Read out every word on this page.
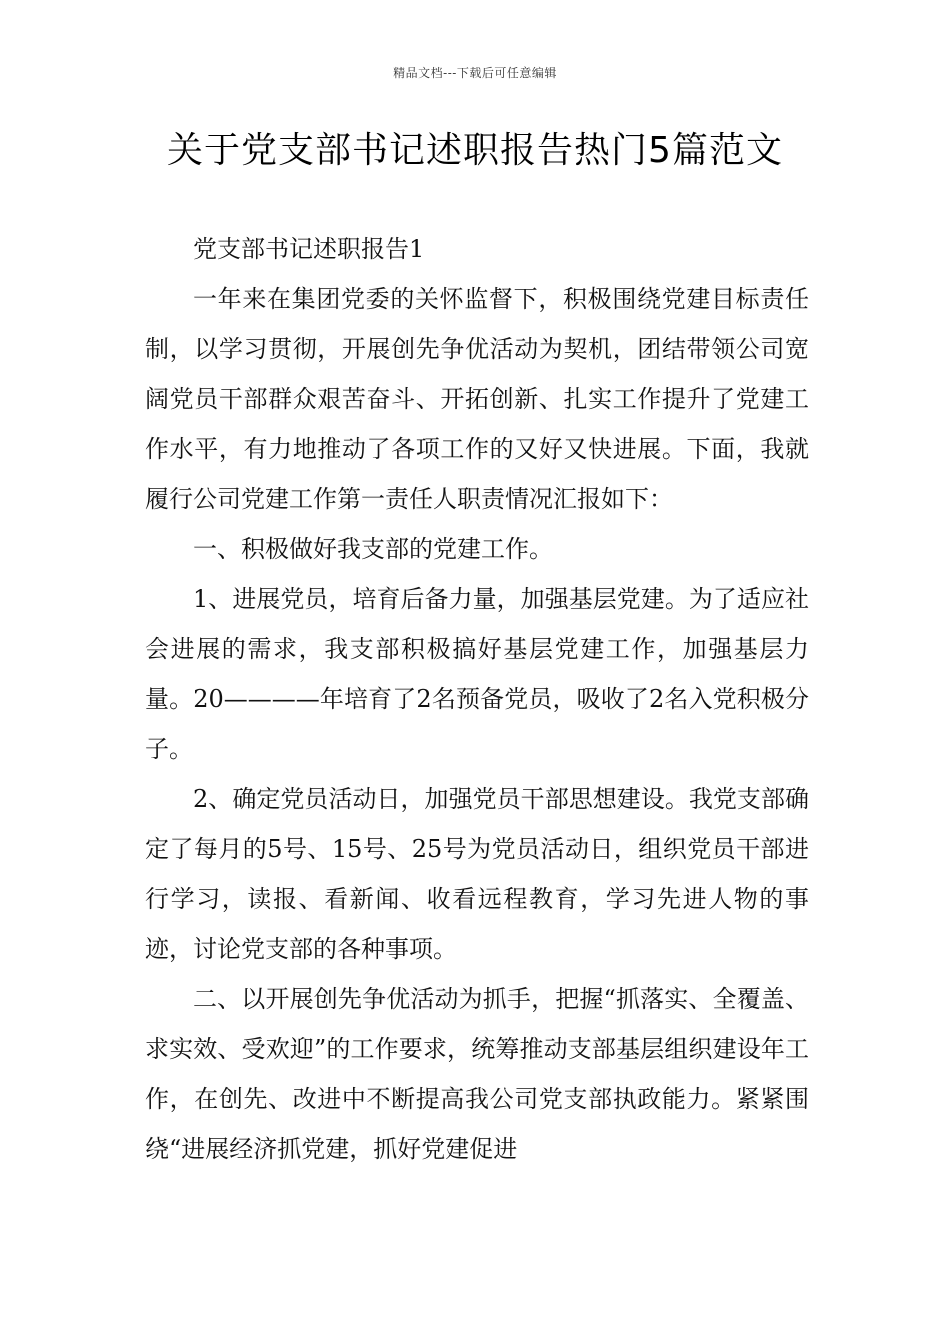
精品文档---下载后可任意编辑
关于党支部书记述职报告热门5篇范文

党支部书记述职报告1

一年来在集团党委的关怀监督下，积极围绕党建目标责任制，以学习贯彻，开展创先争优活动为契机，团结带领公司宽阔党员干部群众艰苦奋斗、开拓创新、扎实工作提升了党建工作水平，有力地推动了各项工作的又好又快进展。下面，我就履行公司党建工作第一责任人职责情况汇报如下：

一、积极做好我支部的党建工作。

1、进展党员，培育后备力量，加强基层党建。为了适应社会进展的需求，我支部积极搞好基层党建工作，加强基层力量。20————年培育了2名预备党员，吸收了2名入党积极分子。

2、确定党员活动日，加强党员干部思想建设。我党支部确定了每月的5号、15号、25号为党员活动日，组织党员干部进行学习，读报、看新闻、收看远程教育，学习先进人物的事迹，讨论党支部的各种事项。

二、以开展创先争优活动为抓手，把握“抓落实、全覆盖、求实效、受欢迎”的工作要求，统筹推动支部基层组织建设年工作，在创先、改进中不断提高我公司党支部执政能力。紧紧围绕“进展经济抓党建，抓好党建促进
